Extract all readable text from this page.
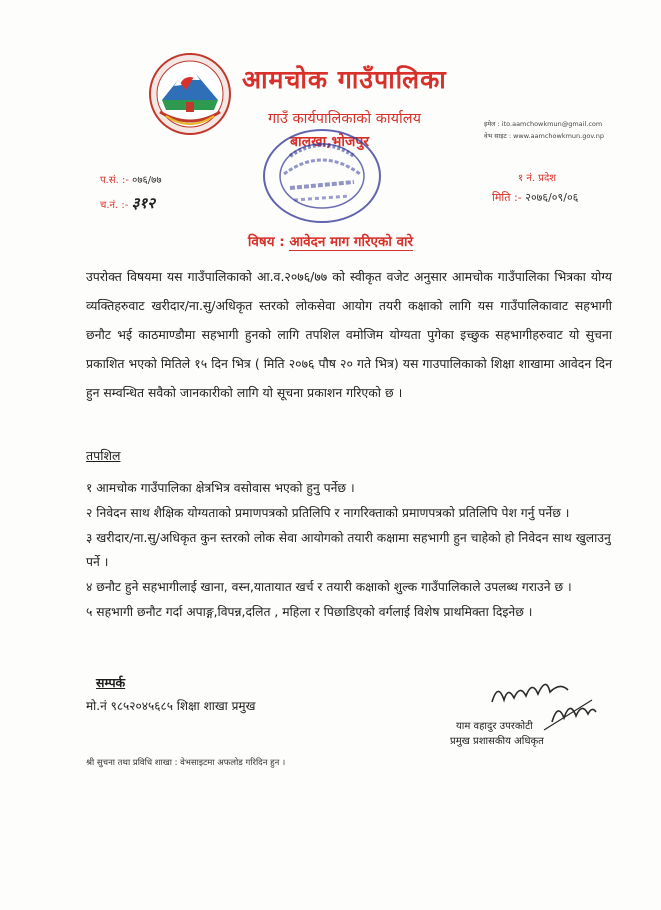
आमचोक गाउँपालिका
गाउँ कार्यपालिकाको कार्यालय
बालखा,भोजपुर
इमेल : ito.aamchowkmun@gmail.com
वेभ साइट : www.aamchowkmun.gov.np
प.सं. :- ०७६/७७
च.नं. :- ३१२
१ नं. प्रदेश
मिति :- २०७६/०९/०६
विषय : आवेदन माग गरिएको वारे
उपरोक्त विषयमा यस गाउँपालिकाको आ.व.२०७६/७७ को स्वीकृत वजेट अनुसार आमचोक गाउँपालिका भित्रका योग्य व्यक्तिहरुवाट खरीदार/ना.सु/अधिकृत स्तरको लोकसेवा आयोग तयरी कक्षाको लागि यस गाउँपालिकावाट सहभागी छनौट भई काठमाण्डौमा सहभागी हुनको लागि तपशिल वमोजिम योग्यता पुगेका इच्छुक सहभागीहरुवाट यो सुचना प्रकाशित भएको मितिले १५ दिन भित्र ( मिति २०७६ पौष २० गते भित्र) यस गाउपालिकाको शिक्षा शाखामा आवेदन दिन हुन सम्वन्धित सवैको जानकारीको लागि यो सूचना प्रकाशन गरिएको छ ।
तपशिल
१ आमचोक गाउँपालिका क्षेत्रभित्र वसोवास भएको हुनु पर्नेछ ।
२ निवेदन साथ शैक्षिक योग्यताको प्रमाणपत्रको प्रतिलिपि र नागरिक्ताको प्रमाणपत्रको प्रतिलिपि पेश गर्नु पर्नेछ ।
३ खरीदार/ना.सु/अधिकृत कुन स्तरको लोक सेवा आयोगको तयारी कक्षामा सहभागी हुन चाहेको हो निवेदन साथ खुलाउनु पर्ने ।
४ छनौट हुने सहभागीलाई खाना, वस्न,यातायात खर्च र तयारी कक्षाको शुल्क गाउँपालिकाले उपलब्ध गराउने छ ।
५ सहभागी छनौट गर्दा अपाङ्ग,विपन्न,दलित , महिला र पिछाडिएको वर्गलाई विशेष प्राथमिक्ता दिइनेछ ।
सम्पर्क
मो.नं ९८५२०४५६८५ शिक्षा शाखा प्रमुख
याम वहादुर उपरकोटी
प्रमुख प्रशासकीय अधिकृत
श्री सुचना तथा प्रविधि शाखा : वेभसाइटमा अफलोड गरिदिन हुन ।
